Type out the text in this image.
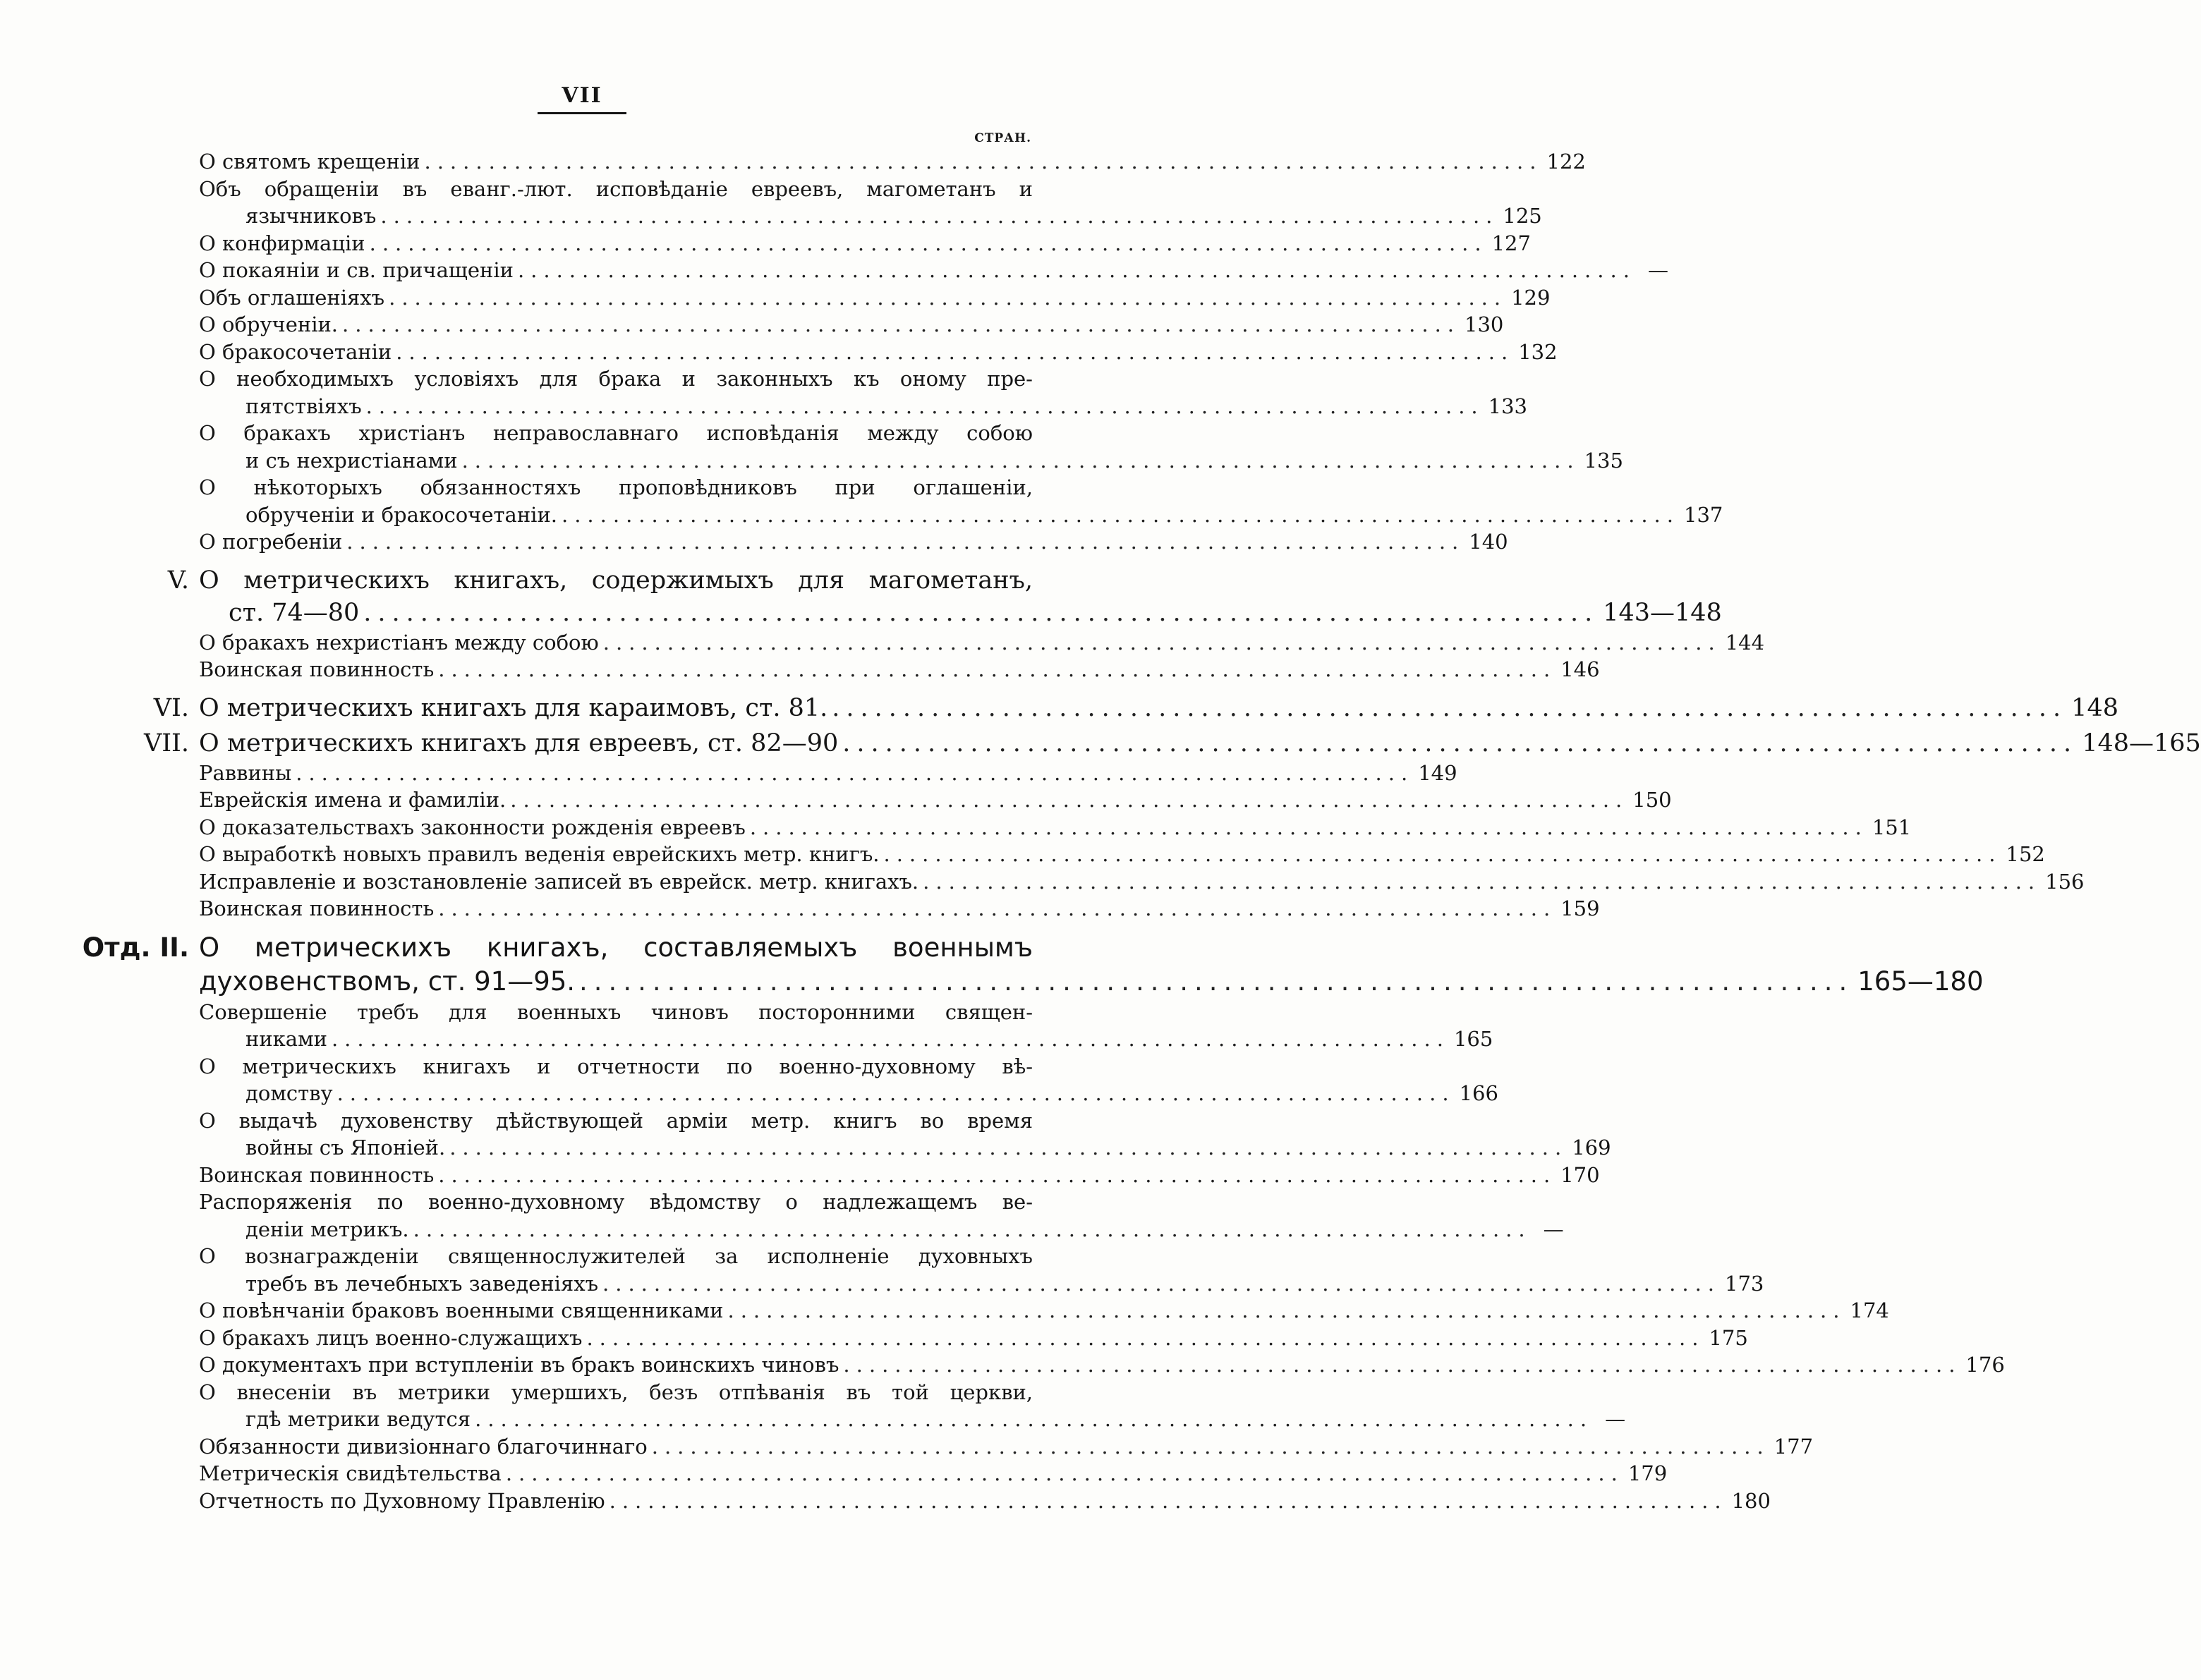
VII
СТРАН.
О святомъ крещеніи ....................................................................................... 122
Объ обращеніи въ еванг.-лют. исповѣданіе евреевъ, магометанъ и
язычниковъ ....................................................................................... 125
О конфирмаціи ....................................................................................... 127
О покаяніи и св. причащеніи ....................................................................................... —
Объ оглашеніяхъ ....................................................................................... 129
О обрученіи. ....................................................................................... 130
О бракосочетаніи ....................................................................................... 132
О необходимыхъ условіяхъ для брака и законныхъ къ оному пре-
пятствіяхъ ....................................................................................... 133
О бракахъ христіанъ неправославнаго исповѣданія между собою
и съ нехристіанами ....................................................................................... 135
О нѣкоторыхъ обязанностяхъ проповѣдниковъ при оглашеніи,
обрученіи и бракосочетаніи. ....................................................................................... 137
О погребеніи ....................................................................................... 140
V. О метрическихъ книгахъ, содержимыхъ для магометанъ,
ст. 74—80 ....................................................................................... 143—148
О бракахъ нехристіанъ между собою ....................................................................................... 144
Воинская повинность ....................................................................................... 146
VI. О метрическихъ книгахъ для караимовъ, ст. 81. ....................................................................................... 148
VII. О метрическихъ книгахъ для евреевъ, ст. 82—90 ....................................................................................... 148—165
Раввины ....................................................................................... 149
Еврейскія имена и фамиліи. ....................................................................................... 150
О доказательствахъ законности рожденія евреевъ ....................................................................................... 151
О выработкѣ новыхъ правилъ веденія еврейскихъ метр. книгъ. ....................................................................................... 152
Исправленіе и возстановленіе записей въ еврейск. метр. книгахъ. ....................................................................................... 156
Воинская повинность ....................................................................................... 159
Отд. II. О метрическихъ книгахъ, составляемыхъ военнымъ
духовенствомъ, ст. 91—95. ....................................................................................... 165—180
Совершеніе требъ для военныхъ чиновъ посторонними священ-
никами ....................................................................................... 165
О метрическихъ книгахъ и отчетности по военно-духовному вѣ-
домству ....................................................................................... 166
О выдачѣ духовенству дѣйствующей арміи метр. книгъ во время
войны съ Японіей. ....................................................................................... 169
Воинская повинность ....................................................................................... 170
Распоряженія по военно-духовному вѣдомству о надлежащемъ ве-
деніи метрикъ. ....................................................................................... —
О вознагражденіи священнослужителей за исполненіе духовныхъ
требъ въ лечебныхъ заведеніяхъ ....................................................................................... 173
О повѣнчаніи браковъ военными священниками ....................................................................................... 174
О бракахъ лицъ военно-служащихъ ....................................................................................... 175
О документахъ при вступленіи въ бракъ воинскихъ чиновъ ....................................................................................... 176
О внесеніи въ метрики умершихъ, безъ отпѣванія въ той церкви,
гдѣ метрики ведутся ....................................................................................... —
Обязанности дивизіоннаго благочиннаго ....................................................................................... 177
Метрическія свидѣтельства ....................................................................................... 179
Отчетность по Духовному Правленію ....................................................................................... 180
